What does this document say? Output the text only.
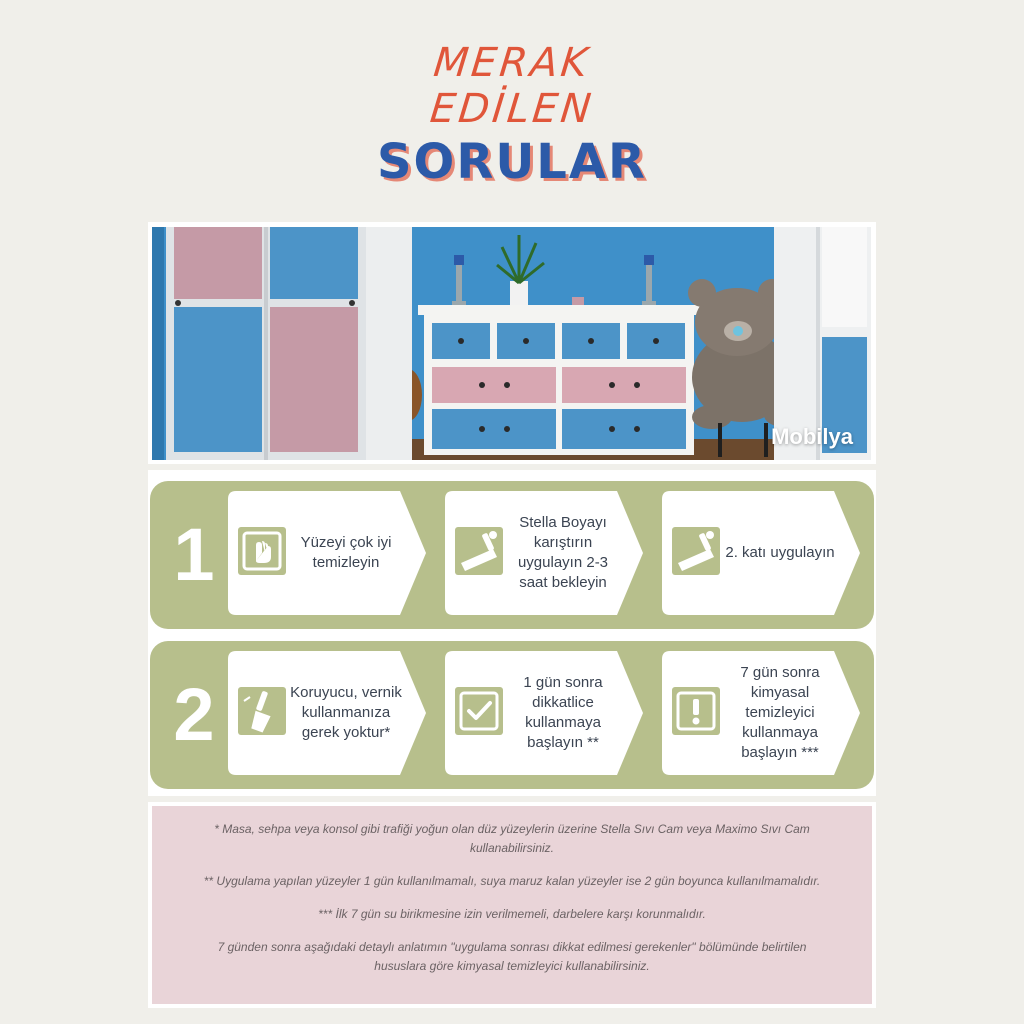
MERAK
EDİLEN
SORULAR
Mobilya
1	Yüzeyi çok iyi temizleyin
Stella Boyayı karıştırın uygulayın 2-3 saat bekleyin
2. katı uygulayın
2	Koruyucu, vernik kullanmanıza gerek yoktur*
1 gün sonra dikkatlice kullanmaya başlayın **
7 gün sonra kimyasal temizleyici kullanmaya başlayın ***

* Masa, sehpa veya konsol gibi trafiği yoğun olan düz yüzeylerin üzerine Stella Sıvı Cam veya Maximo Sıvı Cam kullanabilirsiniz.

** Uygulama yapılan yüzeyler 1 gün kullanılmamalı, suya maruz kalan yüzeyler ise 2 gün boyunca kullanılmamalıdır.

*** İlk 7 gün su birikmesine izin verilmemeli, darbelere karşı korunmalıdır.

7 günden sonra aşağıdaki detaylı anlatımın "uygulama sonrası dikkat edilmesi gerekenler" bölümünde belirtilen hususlara göre kimyasal temizleyici kullanabilirsiniz.
